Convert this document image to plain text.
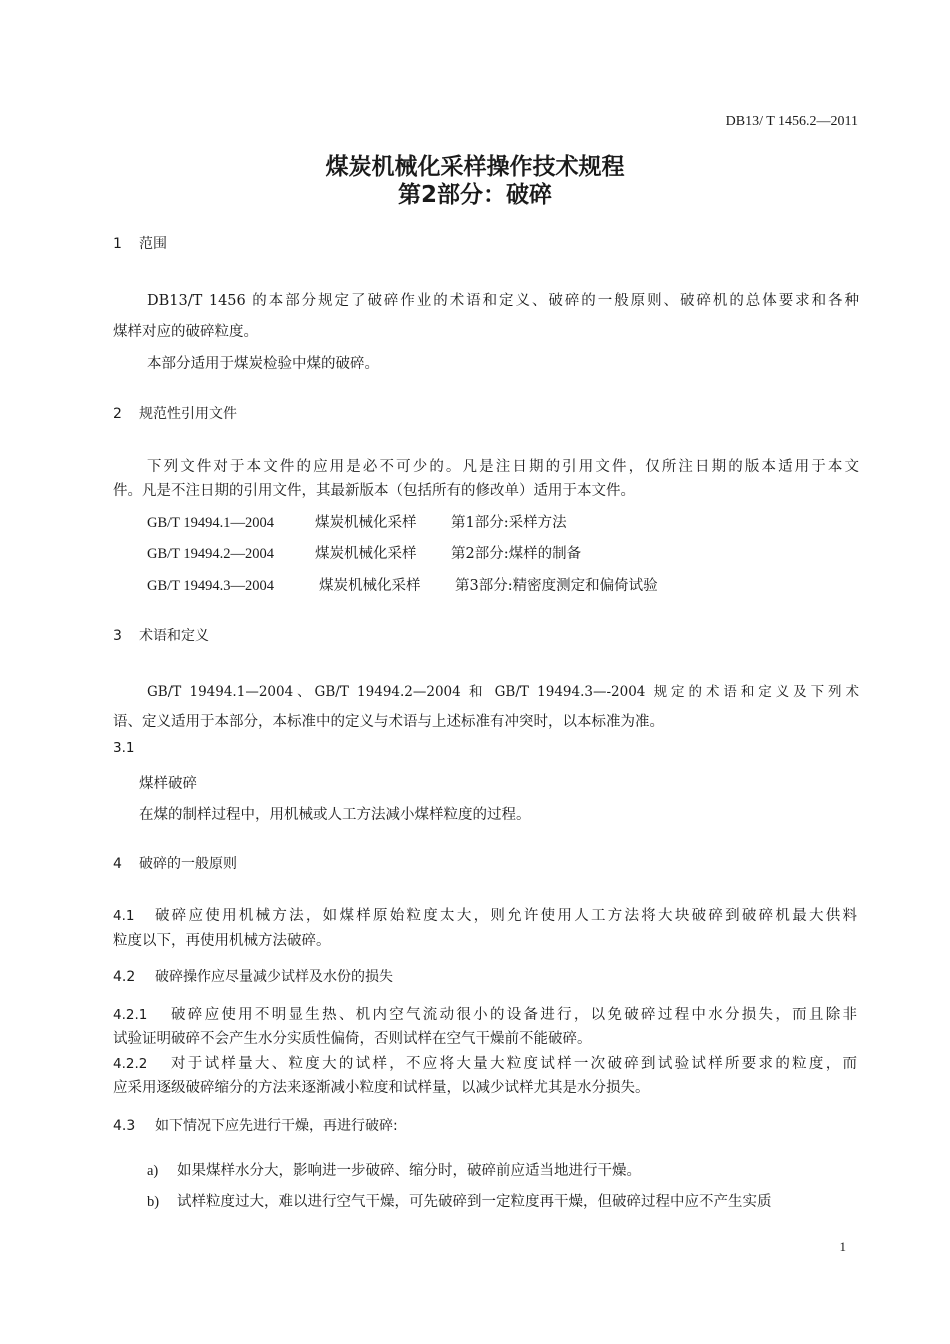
DB13/ T 1456.2—2011
煤炭机械化采样操作技术规程
第2部分：破碎
1 范围
DB13/T 1456 的本部分规定了破碎作业的术语和定义、破碎的一般原则、破碎机的总体要求和各种
煤样对应的破碎粒度。
本部分适用于煤炭检验中煤的破碎。
2 规范性引用文件
下列文件对于本文件的应用是必不可少的。凡是注日期的引用文件，仅所注日期的版本适用于本文
件。凡是不注日期的引用文件，其最新版本（包括所有的修改单）适用于本文件。
GB/T 19494.1—2004	煤炭机械化采样 第1部分:采样方法
GB/T 19494.2—2004	煤炭机械化采样 第2部分:煤样的制备
GB/T 19494.3—2004	煤炭机械化采样 第3部分:精密度测定和偏倚试验
3 术语和定义
GB/T 19494.1—2004、GB/T 19494.2—2004 和 GB/T 19494.3—-2004 规定的术语和定义及下列术
语、定义适用于本部分，本标准中的定义与术语与上述标准有冲突时，以本标准为准。
3.1
煤样破碎
在煤的制样过程中，用机械或人工方法减小煤样粒度的过程。
4 破碎的一般原则
4.1 破碎应使用机械方法，如煤样原始粒度太大，则允许使用人工方法将大块破碎到破碎机最大供料
粒度以下，再使用机械方法破碎。
4.2 破碎操作应尽量减少试样及水份的损失
4.2.1 破碎应使用不明显生热、机内空气流动很小的设备进行，以免破碎过程中水分损失，而且除非
试验证明破碎不会产生水分实质性偏倚，否则试样在空气干燥前不能破碎。
4.2.2 对于试样量大、粒度大的试样，不应将大量大粒度试样一次破碎到试验试样所要求的粒度，而
应采用逐级破碎缩分的方法来逐渐减小粒度和试样量，以减少试样尤其是水分损失。
4.3 如下情况下应先进行干燥，再进行破碎:
a) 如果煤样水分大，影响进一步破碎、缩分时，破碎前应适当地进行干燥。
b) 试样粒度过大，难以进行空气干燥，可先破碎到一定粒度再干燥，但破碎过程中应不产生实质
1
